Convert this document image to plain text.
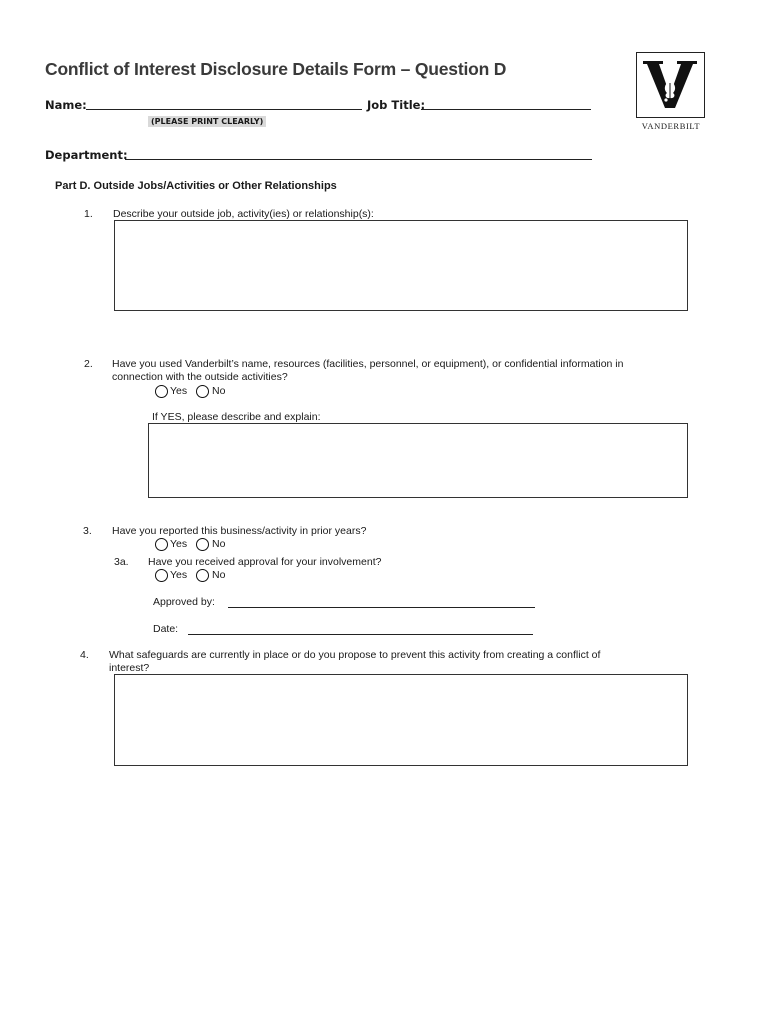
Conflict of Interest Disclosure Details Form – Question D
Name:	Job Title:
(PLEASE PRINT CLEARLY)
Department:
VANDERBILT
Part D. Outside Jobs/Activities or Other Relationships
1. Describe your outside job, activity(ies) or relationship(s):
2. Have you used Vanderbilt’s name, resources (facilities, personnel, or equipment), or confidential information in
connection with the outside activities?
Yes No
If YES, please describe and explain:
3. Have you reported this business/activity in prior years?
Yes No
3a. Have you received approval for your involvement?
Yes No
Approved by:
Date:
4. What safeguards are currently in place or do you propose to prevent this activity from creating a conflict of
interest?
